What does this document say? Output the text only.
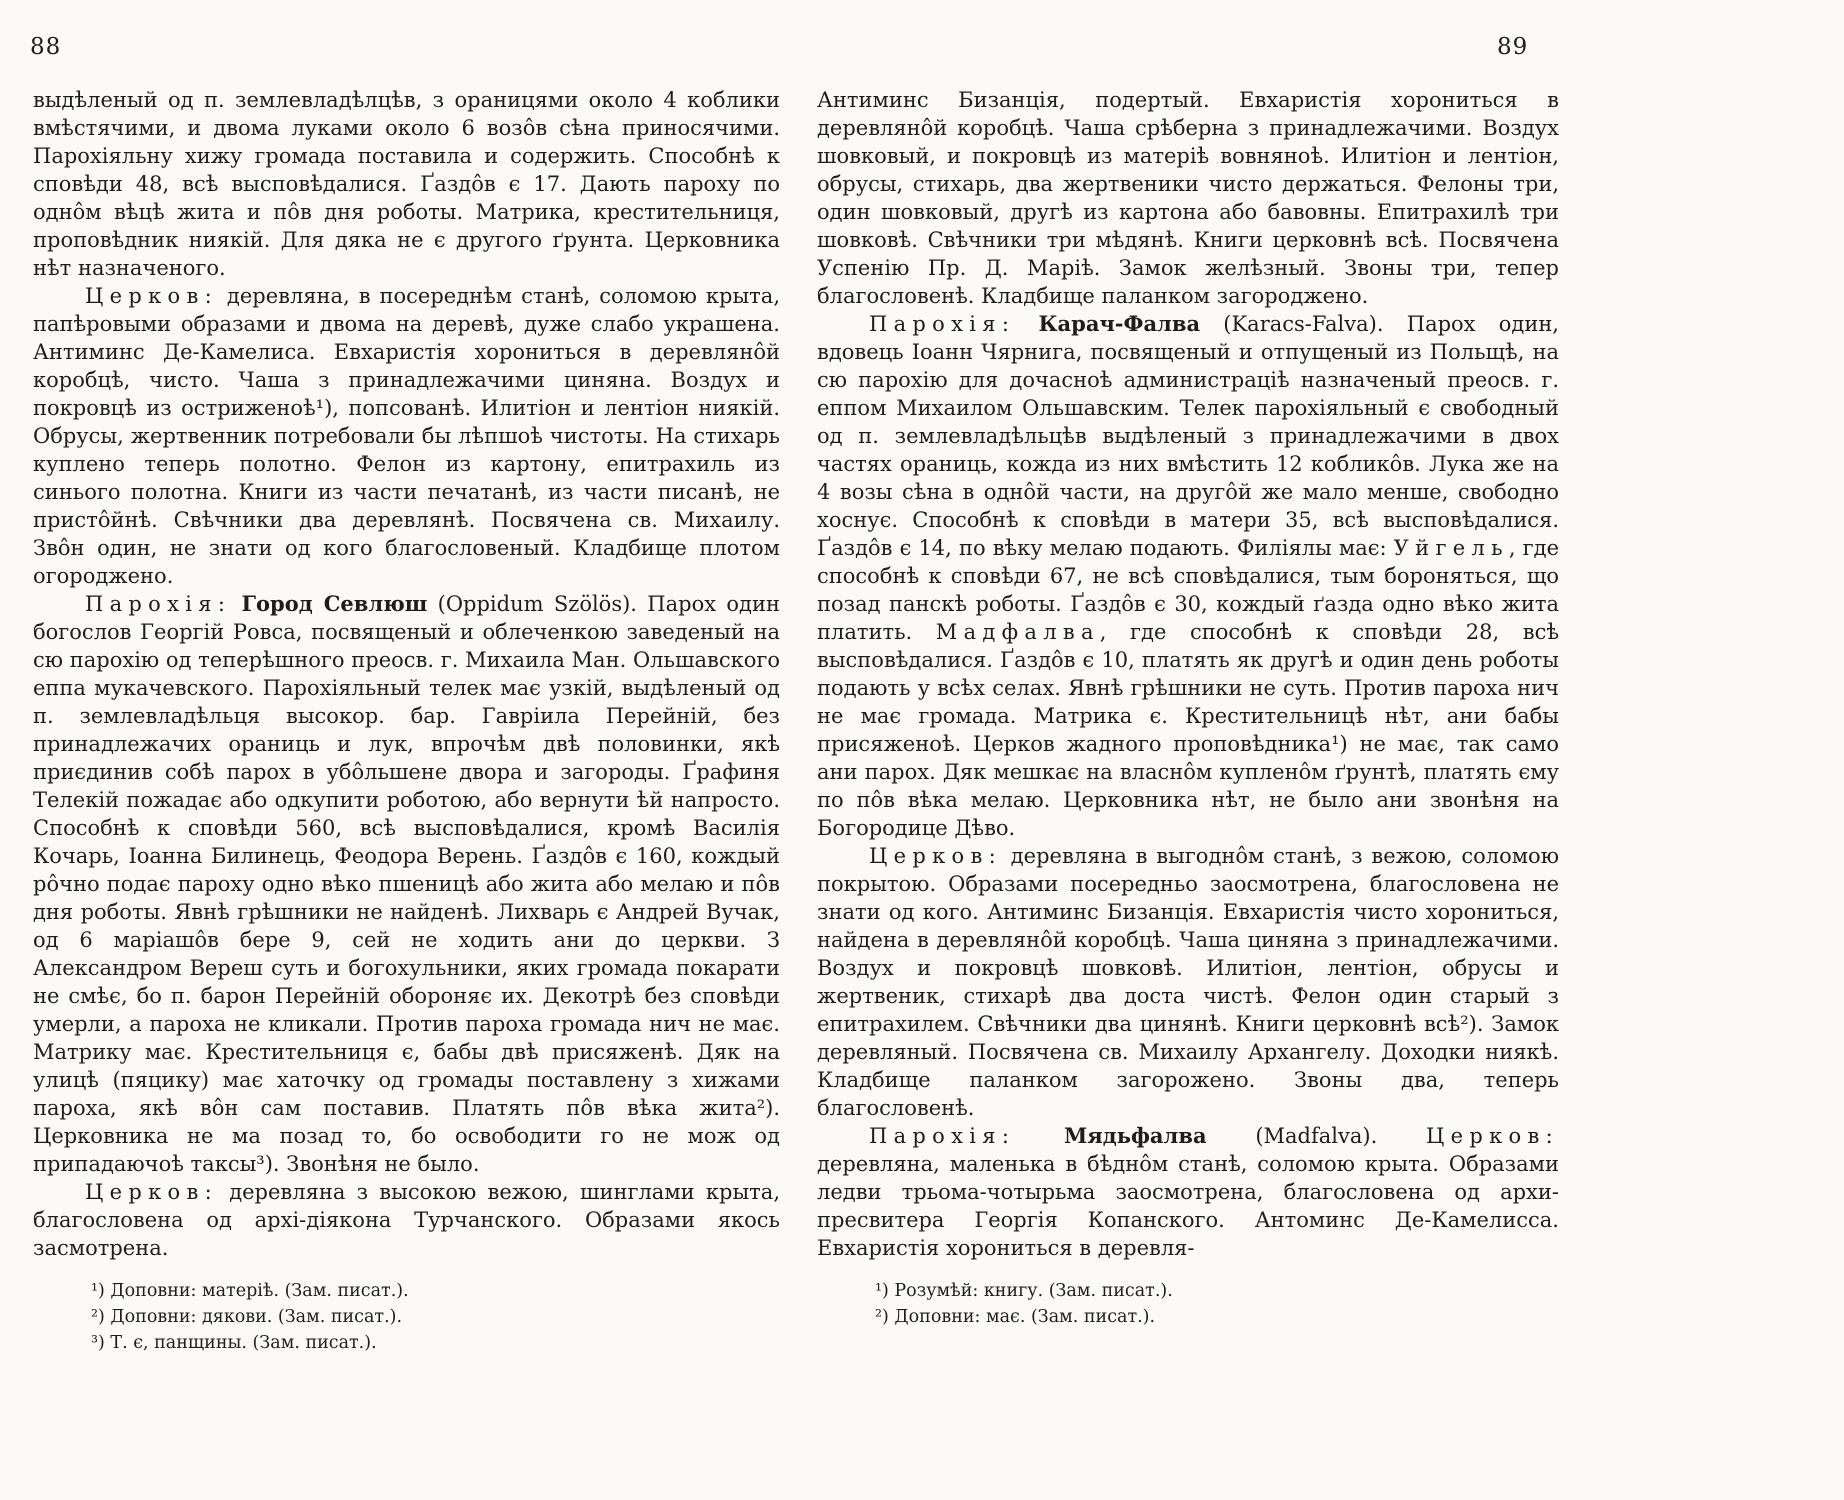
88	89

выдѣленый од п. землевладѣлцѣв, з ораницями около 4 коблики вмѣстячими, и двома луками около 6 возôв сѣна приносячими. Парохіяльну хижу громада поставила и содержить. Способнѣ к сповѣди 48, всѣ высповѣдалися. Ґаздôв є 17. Дають пароху по однôм вѣцѣ жита и пôв дня роботы. Матрика, крестительниця, проповѣдник ниякій. Для дяка не є другого ґрунта. Церковника нѣт назначеного.

Церков: деревляна, в посереднѣм станѣ, соломою крыта, папѣровыми образами и двома на деревѣ, дуже слабо украшена. Антиминс Де-Камелиса. Евхаристія хорониться в деревлянôй коробцѣ, чисто. Чаша з принадлежачими циняна. Воздух и покровцѣ из остриженоѣ¹), попсованѣ. Илитіон и лентіон ниякій. Обрусы, жертвенник потребовали бы лѣпшоѣ чистоты. На стихарь куплено теперь полотно. Фелон из картону, епитрахиль из синього полотна. Книги из части печатанѣ, из части писанѣ, не пристôйнѣ. Свѣчники два деревлянѣ. Посвячена св. Михаилу. Звôн один, не знати од кого благословеный. Кладбище плотом огороджено.

Парохія: Город Севлюш (Oppidum Szölös). Парох один богослов Георгій Ровса, посвященый и облеченкою заведеный на сю парохію од теперѣшного преосв. г. Михаила Ман. Ольшавского еппа мукачевского. Парохіяльный телек має узкій, выдѣленый од п. землевладѣльця высокор. бар. Гавріила Перейній, без принадлежачих ораниць и лук, впрочѣм двѣ половинки, якѣ приєдинив собѣ парох в убôльшене двора и загороды. Ґрафиня Телекій пожадає або одкупити роботою, або вернути ѣй напросто. Способнѣ к сповѣди 560, всѣ высповѣдалися, кромѣ Василія Кочарь, Іоанна Билинець, Феодора Верень. Ґаздôв є 160, кождый рôчно подає пароху одно вѣко пшеницѣ або жита або мелаю и пôв дня роботы. Явнѣ грѣшники не найденѣ. Лихварь є Андрей Вучак, од 6 маріашôв бере 9, сей не ходить ани до церкви. З Александром Вереш суть и богохульники, яких громада покарати не смѣє, бо п. барон Перейній обороняє их. Декотрѣ без сповѣди умерли, а пароха не кликали. Против пароха громада нич не має. Матрику має. Крестительниця є, бабы двѣ присяженѣ. Дяк на улицѣ (пяцику) має хаточку од громады поставлену з хижами пароха, якѣ вôн сам поставив. Платять пôв вѣка жита²). Церковника не ма позад то, бо освободити го не мож од припадаючоѣ таксы³). Звонѣня не было.

Церков: деревляна з высокою вежою, шинглами крыта, благословена од архі-діякона Турчанского. Образами якось засмотрена.

¹) Доповни: матеріѣ. (Зам. писат.).
²) Доповни: дякови. (Зам. писат.).
³) Т. є, панщины. (Зам. писат.).

Антиминс Бизанція, подертый. Евхаристія хорониться в деревлянôй коробцѣ. Чаша срѣберна з принадлежачими. Воздух шовковый, и покровцѣ из матеріѣ вовняноѣ. Илитіон и лентіон, обрусы, стихарь, два жертвеники чисто держаться. Фелоны три, один шовковый, другѣ из картона або бавовны. Епитрахилѣ три шовковѣ. Свѣчники три мѣдянѣ. Книги церковнѣ всѣ. Посвячена Успенію Пр. Д. Маріѣ. Замок желѣзный. Звоны три, тепер благословенѣ. Кладбище паланком загороджено.

Парохія: Карач-Фалва (Karacs-Falva). Парох один, вдовець Іоанн Чярнига, посвященый и отпущеный из Польщѣ, на сю парохію для дочасноѣ администраціѣ назначеный преосв. г. еппом Михаилом Ольшавским. Телек парохіяльный є свободный од п. землевладѣльцѣв выдѣленый з принадлежачими в двох частях ораниць, кожда из них вмѣстить 12 кобликôв. Лука же на 4 возы сѣна в однôй части, на другôй же мало менше, свободно хоснує. Способнѣ к сповѣди в матери 35, всѣ высповѣдалися. Ґаздôв є 14, по вѣку мелаю подають. Филіялы має: Уйгель, где способнѣ к сповѣди 67, не всѣ сповѣдалися, тым бороняться, що позад панскѣ роботы. Ґаздôв є 30, кождый ґазда одно вѣко жита платить. Мадфалва, где способнѣ к сповѣди 28, всѣ высповѣдалися. Ґаздôв є 10, платять як другѣ и один день роботы подають у всѣх селах. Явнѣ грѣшники не суть. Против пароха нич не має громада. Матрика є. Крестительницѣ нѣт, ани бабы присяженоѣ. Церков жадного проповѣдника¹) не має, так само ани парох. Дяк мешкає на власнôм купленôм ґрунтѣ, платять єму по пôв вѣка мелаю. Церковника нѣт, не было ани звонѣня на Богородице Дѣво.

Церков: деревляна в выгоднôм станѣ, з вежою, соломою покрытою. Образами посередньо заосмотрена, благословена не знати од кого. Антиминс Бизанція. Евхаристія чисто хорониться, найдена в деревлянôй коробцѣ. Чаша циняна з принадлежачими. Воздух и покровцѣ шовковѣ. Илитіон, лентіон, обрусы и жертвеник, стихарѣ два доста чистѣ. Фелон один старый з епитрахилем. Свѣчники два цинянѣ. Книги церковнѣ всѣ²). Замок деревляный. Посвячена св. Михаилу Архангелу. Доходки ниякѣ. Кладбище паланком загорожено. Звоны два, теперь благословенѣ.

Парохія: Мядьфалва (Madfalva). Церков: деревляна, маленька в бѣднôм станѣ, соломою крыта. Образами ледви трьома-чотырьма заосмотрена, благословена од архи-пресвитера Георгія Копанского. Антоминс Де-Камелисса. Евхаристія хорониться в деревля-

¹) Розумѣй: книгу. (Зам. писат.).
²) Доповни: має. (Зам. писат.).
